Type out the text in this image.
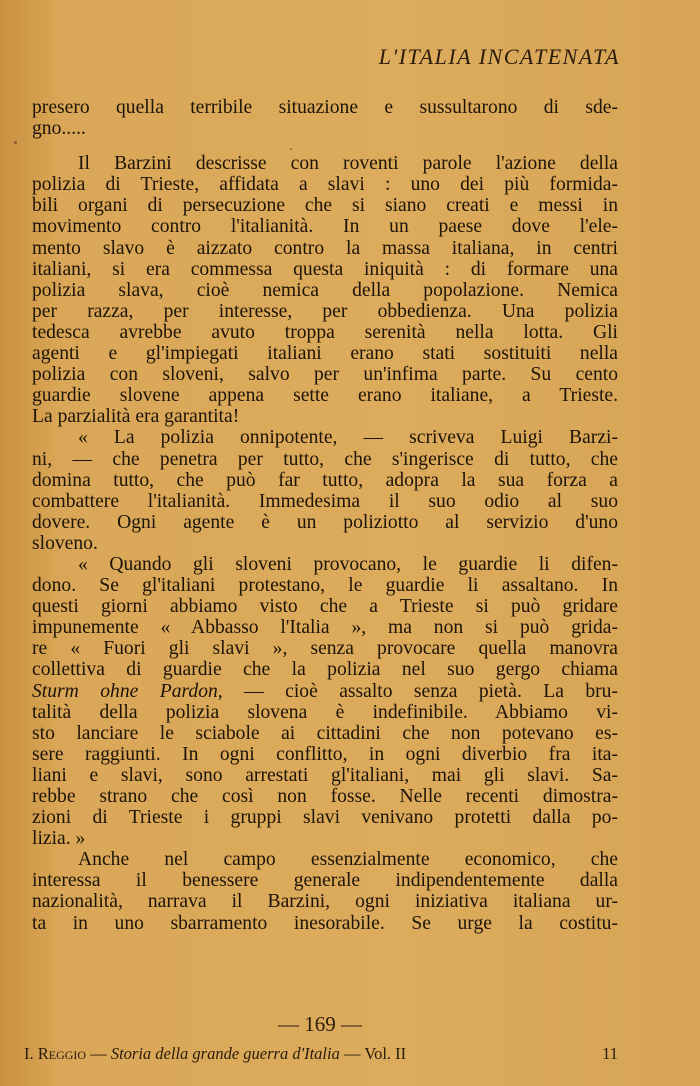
L'ITALIA INCATENATA
presero quella terribile situazione e sussultarono di sde-
gno.....
Il Barzini descrisse con roventi parole l'azione della
polizia di Trieste, affidata a slavi : uno dei più formida-
bili organi di persecuzione che si siano creati e messi in
movimento contro l'italianità. In un paese dove l'ele-
mento slavo è aizzato contro la massa italiana, in centri
italiani, si era commessa questa iniquità : di formare una
polizia slava, cioè nemica della popolazione. Nemica
per razza, per interesse, per obbedienza. Una polizia
tedesca avrebbe avuto troppa serenità nella lotta. Gli
agenti e gl'impiegati italiani erano stati sostituiti nella
polizia con sloveni, salvo per un'infima parte. Su cento
guardie slovene appena sette erano italiane, a Trieste.
La parzialità era garantita!
« La polizia onnipotente, — scriveva Luigi Barzi-
ni, — che penetra per tutto, che s'ingerisce di tutto, che
domina tutto, che può far tutto, adopra la sua forza a
combattere l'italianità. Immedesima il suo odio al suo
dovere. Ogni agente è un poliziotto al servizio d'uno
sloveno.
« Quando gli sloveni provocano, le guardie li difen-
dono. Se gl'italiani protestano, le guardie li assaltano. In
questi giorni abbiamo visto che a Trieste si può gridare
impunemente « Abbasso l'Italia », ma non si può grida-
re « Fuori gli slavi », senza provocare quella manovra
collettiva di guardie che la polizia nel suo gergo chiama
Sturm ohne Pardon, — cioè assalto senza pietà. La bru-
talità della polizia slovena è indefinibile. Abbiamo vi-
sto lanciare le sciabole ai cittadini che non potevano es-
sere raggiunti. In ogni conflitto, in ogni diverbio fra ita-
liani e slavi, sono arrestati gl'italiani, mai gli slavi. Sa-
rebbe strano che così non fosse. Nelle recenti dimostra-
zioni di Trieste i gruppi slavi venivano protetti dalla po-
lizia. »
Anche nel campo essenzialmente economico, che
interessa il benessere generale indipendentemente dalla
nazionalità, narrava il Barzini, ogni iniziativa italiana ur-
ta in uno sbarramento inesorabile. Se urge la costitu-
— 169 —
I. Reggio — Storia della grande guerra d'Italia — Vol. II	11
